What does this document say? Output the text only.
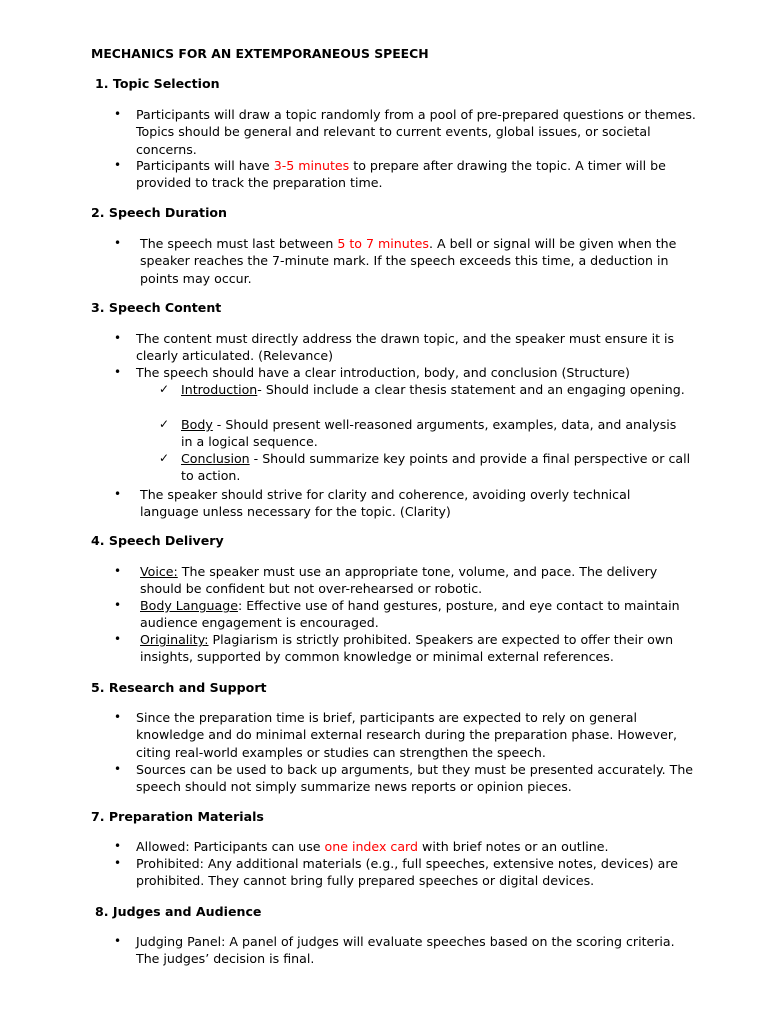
MECHANICS FOR AN EXTEMPORANEOUS SPEECH
1. Topic Selection
• Participants will draw a topic randomly from a pool of pre-prepared questions or themes. Topics should be general and relevant to current events, global issues, or societal concerns.
• Participants will have 3-5 minutes to prepare after drawing the topic. A timer will be provided to track the preparation time.
2. Speech Duration
• The speech must last between 5 to 7 minutes. A bell or signal will be given when the speaker reaches the 7-minute mark. If the speech exceeds this time, a deduction in points may occur.
3. Speech Content
• The content must directly address the drawn topic, and the speaker must ensure it is clearly articulated. (Relevance)
• The speech should have a clear introduction, body, and conclusion (Structure)
✓ Introduction- Should include a clear thesis statement and an engaging opening.
✓ Body - Should present well-reasoned arguments, examples, data, and analysis in a logical sequence.
✓ Conclusion - Should summarize key points and provide a final perspective or call to action.
• The speaker should strive for clarity and coherence, avoiding overly technical language unless necessary for the topic. (Clarity)
4. Speech Delivery
• Voice: The speaker must use an appropriate tone, volume, and pace. The delivery should be confident but not over-rehearsed or robotic.
• Body Language: Effective use of hand gestures, posture, and eye contact to maintain audience engagement is encouraged.
• Originality: Plagiarism is strictly prohibited. Speakers are expected to offer their own insights, supported by common knowledge or minimal external references.
5. Research and Support
• Since the preparation time is brief, participants are expected to rely on general knowledge and do minimal external research during the preparation phase. However, citing real-world examples or studies can strengthen the speech.
• Sources can be used to back up arguments, but they must be presented accurately. The speech should not simply summarize news reports or opinion pieces.
7. Preparation Materials
• Allowed: Participants can use one index card with brief notes or an outline.
• Prohibited: Any additional materials (e.g., full speeches, extensive notes, devices) are prohibited. They cannot bring fully prepared speeches or digital devices.
8. Judges and Audience
• Judging Panel: A panel of judges will evaluate speeches based on the scoring criteria. The judges’ decision is final.
